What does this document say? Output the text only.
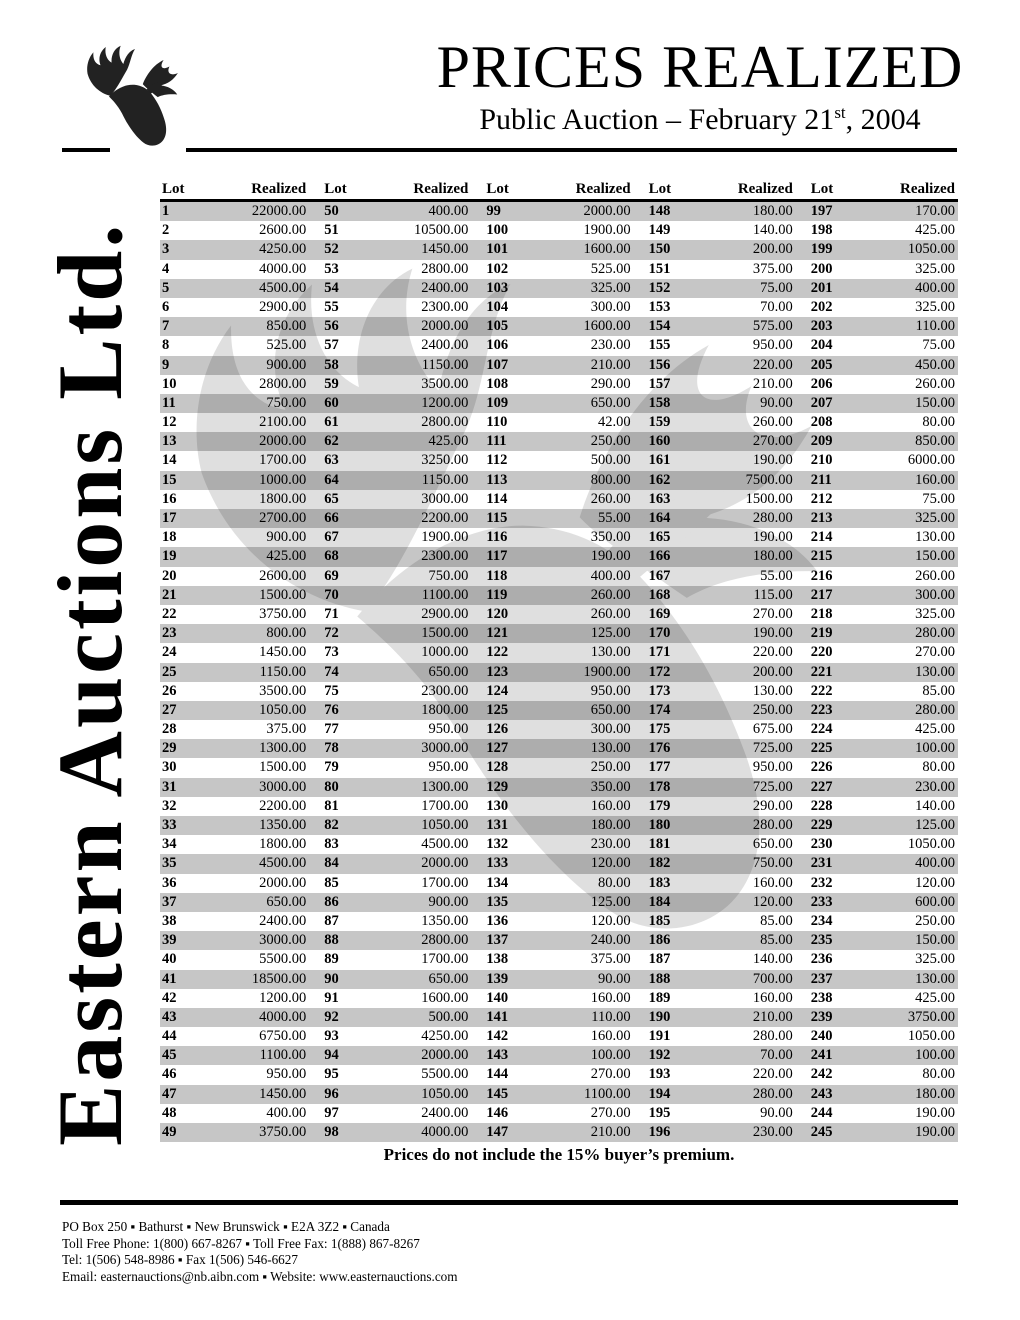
PRICES REALIZED
Public Auction – February 21st, 2004
Eastern Auctions Ltd.
Lot	Realized Lot	Realized Lot	Realized Lot	Realized Lot	Realized
1	22000.00 50	400.00 99	2000.00 148	180.00 197	170.00
2	2600.00 51	10500.00 100	1900.00 149	140.00 198	425.00
3	4250.00 52	1450.00 101	1600.00 150	200.00 199	1050.00
4	4000.00 53	2800.00 102	525.00 151	375.00 200	325.00
5	4500.00 54	2400.00 103	325.00 152	75.00 201	400.00
6	2900.00 55	2300.00 104	300.00 153	70.00 202	325.00
7	850.00 56	2000.00 105	1600.00 154	575.00 203	110.00
8	525.00 57	2400.00 106	230.00 155	950.00 204	75.00
9	900.00 58	1150.00 107	210.00 156	220.00 205	450.00
10	2800.00 59	3500.00 108	290.00 157	210.00 206	260.00
11	750.00 60	1200.00 109	650.00 158	90.00 207	150.00
12	2100.00 61	2800.00 110	42.00 159	260.00 208	80.00
13	2000.00 62	425.00 111	250.00 160	270.00 209	850.00
14	1700.00 63	3250.00 112	500.00 161	190.00 210	6000.00
15	1000.00 64	1150.00 113	800.00 162	7500.00 211	160.00
16	1800.00 65	3000.00 114	260.00 163	1500.00 212	75.00
17	2700.00 66	2200.00 115	55.00 164	280.00 213	325.00
18	900.00 67	1900.00 116	350.00 165	190.00 214	130.00
19	425.00 68	2300.00 117	190.00 166	180.00 215	150.00
20	2600.00 69	750.00 118	400.00 167	55.00 216	260.00
21	1500.00 70	1100.00 119	260.00 168	115.00 217	300.00
22	3750.00 71	2900.00 120	260.00 169	270.00 218	325.00
23	800.00 72	1500.00 121	125.00 170	190.00 219	280.00
24	1450.00 73	1000.00 122	130.00 171	220.00 220	270.00
25	1150.00 74	650.00 123	1900.00 172	200.00 221	130.00
26	3500.00 75	2300.00 124	950.00 173	130.00 222	85.00
27	1050.00 76	1800.00 125	650.00 174	250.00 223	280.00
28	375.00 77	950.00 126	300.00 175	675.00 224	425.00
29	1300.00 78	3000.00 127	130.00 176	725.00 225	100.00
30	1500.00 79	950.00 128	250.00 177	950.00 226	80.00
31	3000.00 80	1300.00 129	350.00 178	725.00 227	230.00
32	2200.00 81	1700.00 130	160.00 179	290.00 228	140.00
33	1350.00 82	1050.00 131	180.00 180	280.00 229	125.00
34	1800.00 83	4500.00 132	230.00 181	650.00 230	1050.00
35	4500.00 84	2000.00 133	120.00 182	750.00 231	400.00
36	2000.00 85	1700.00 134	80.00 183	160.00 232	120.00
37	650.00 86	900.00 135	125.00 184	120.00 233	600.00
38	2400.00 87	1350.00 136	120.00 185	85.00 234	250.00
39	3000.00 88	2800.00 137	240.00 186	85.00 235	150.00
40	5500.00 89	1700.00 138	375.00 187	140.00 236	325.00
41	18500.00 90	650.00 139	90.00 188	700.00 237	130.00
42	1200.00 91	1600.00 140	160.00 189	160.00 238	425.00
43	4000.00 92	500.00 141	110.00 190	210.00 239	3750.00
44	6750.00 93	4250.00 142	160.00 191	280.00 240	1050.00
45	1100.00 94	2000.00 143	100.00 192	70.00 241	100.00
46	950.00 95	5500.00 144	270.00 193	220.00 242	80.00
47	1450.00 96	1050.00 145	1100.00 194	280.00 243	180.00
48	400.00 97	2400.00 146	270.00 195	90.00 244	190.00
49	3750.00 98	4000.00 147	210.00 196	230.00 245	190.00
Prices do not include the 15% buyer’s premium.
PO Box 250 ▪ Bathurst ▪ New Brunswick ▪ E2A 3Z2 ▪ Canada
Toll Free Phone: 1(800) 667-8267 ▪ Toll Free Fax: 1(888) 867-8267
Tel: 1(506) 548-8986 ▪ Fax 1(506) 546-6627
Email: easternauctions@nb.aibn.com ▪ Website: www.easternauctions.com
